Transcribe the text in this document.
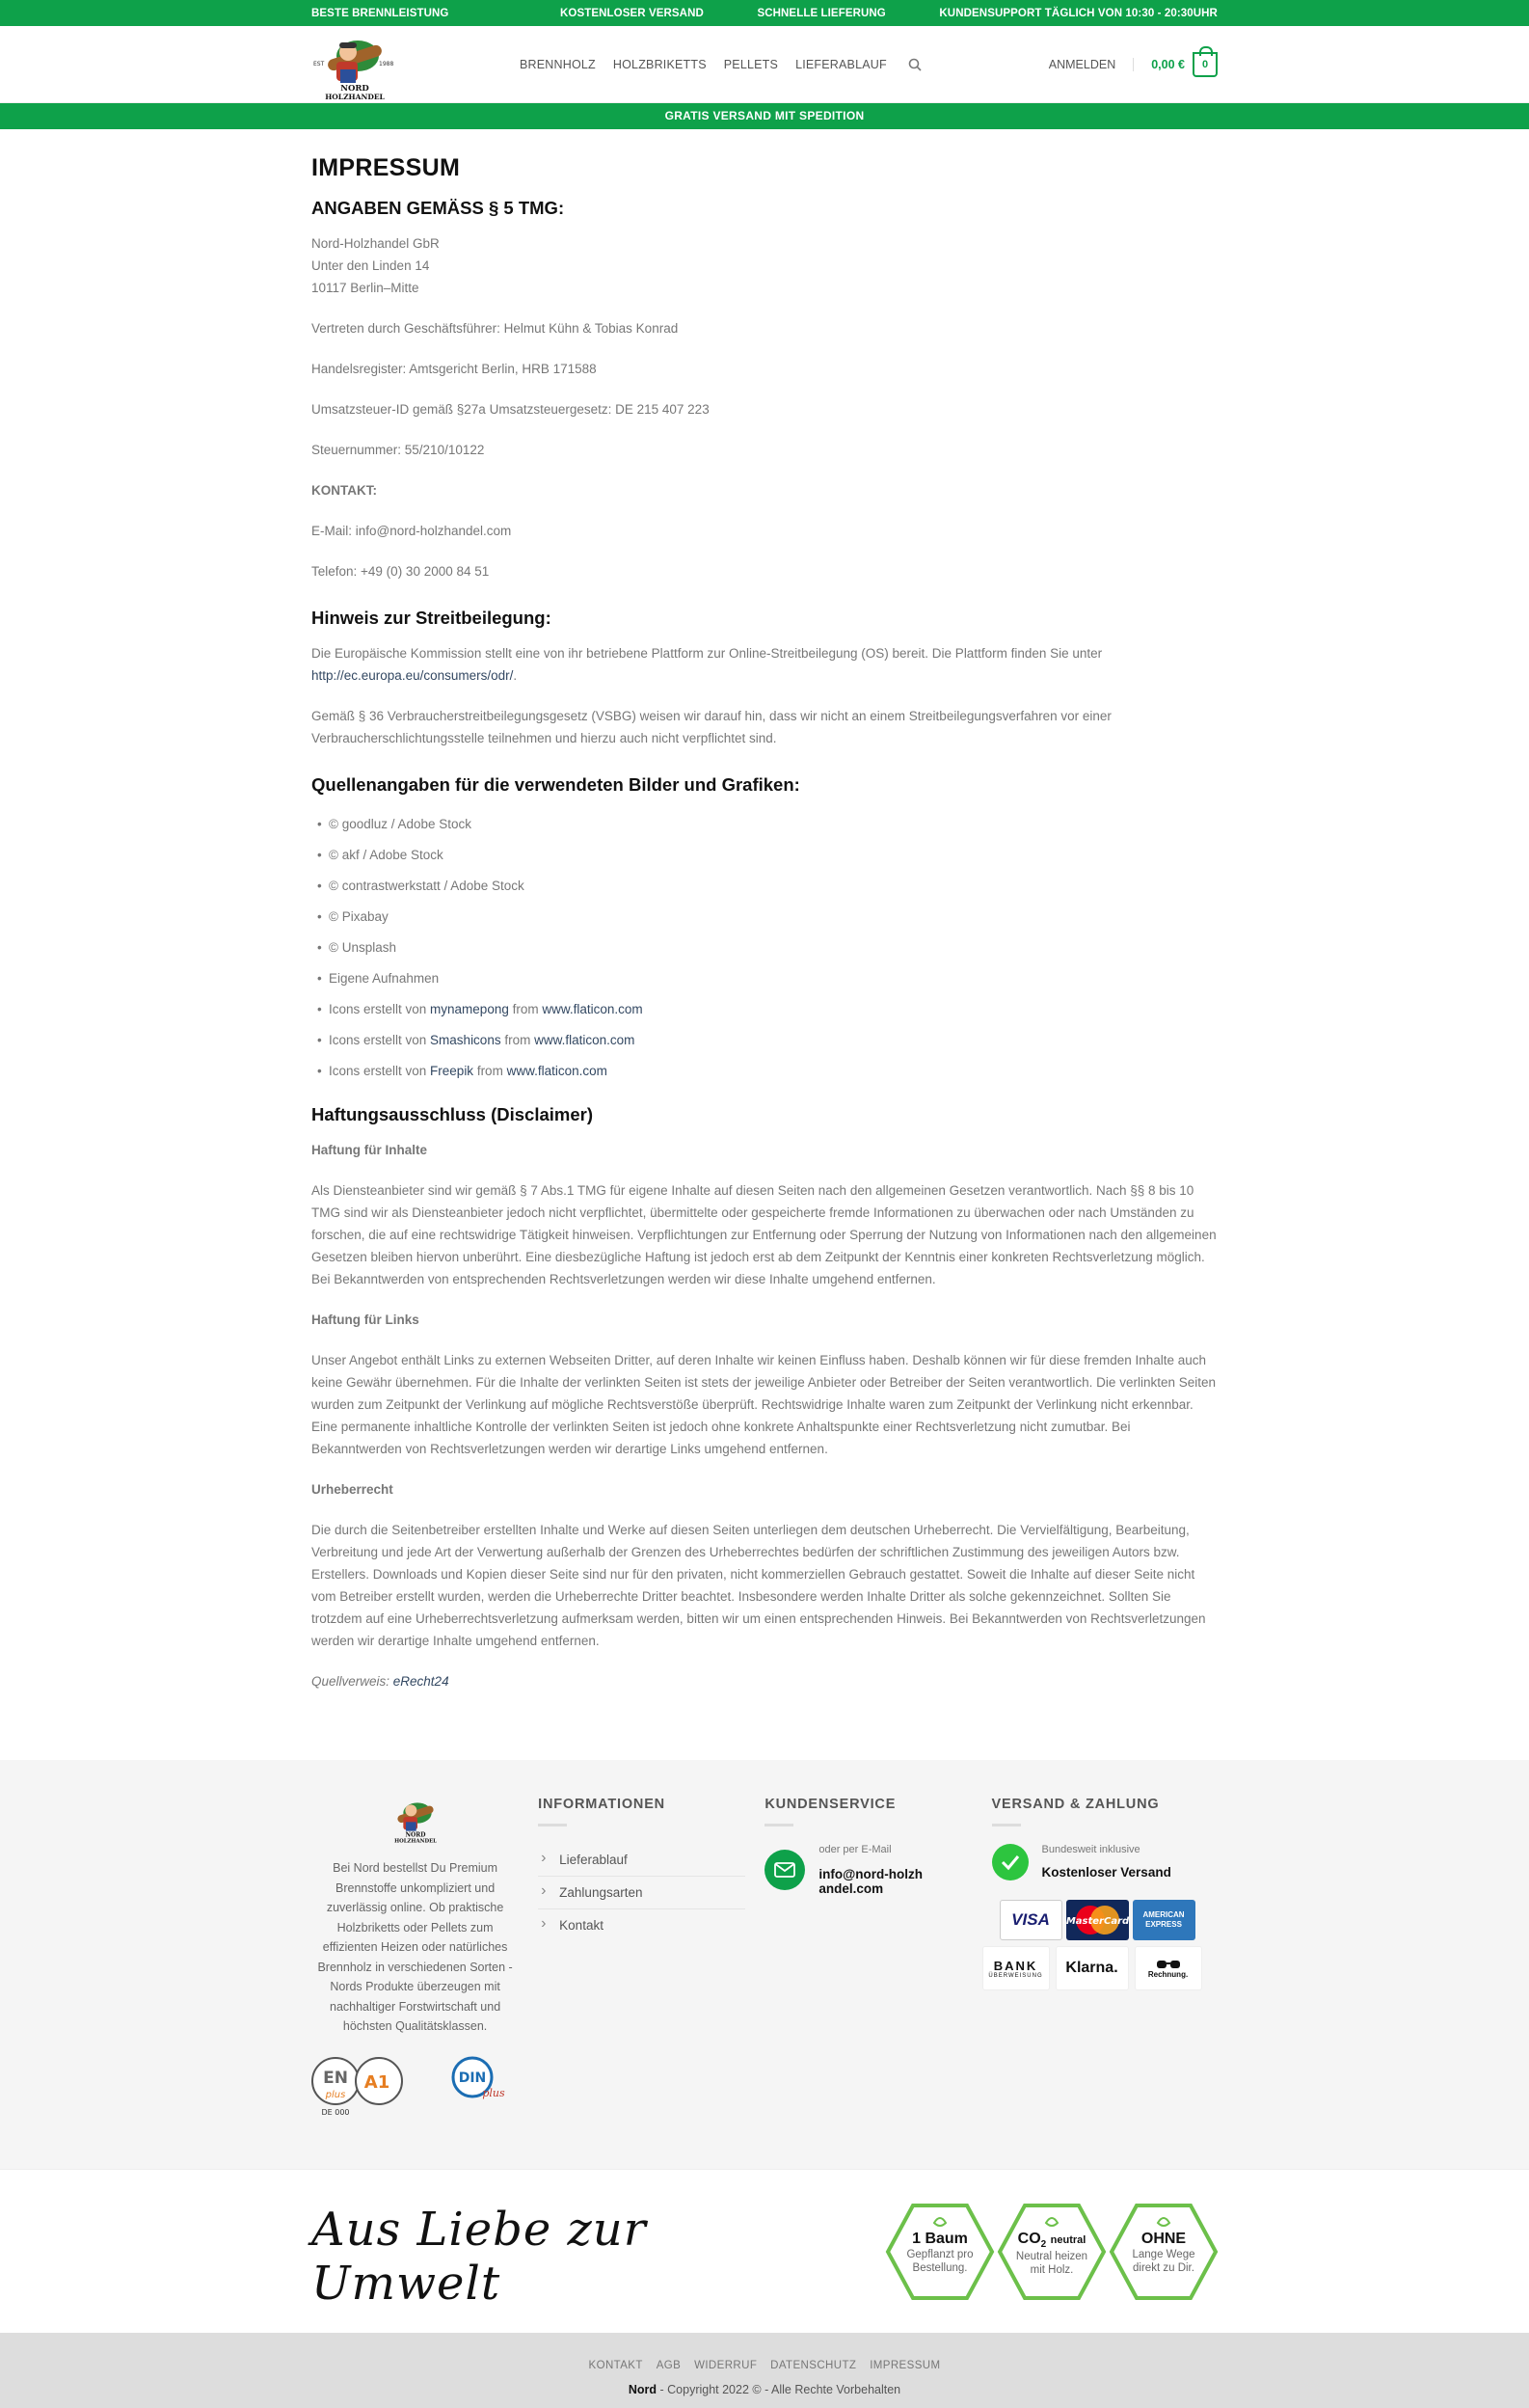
BESTE BRENNLEISTUNG	KOSTENLOSER VERSAND	SCHNELLE LIEFERUNG	KUNDENSUPPORT TÄGLICH VON 10:30 - 20:30UHR
EST	1988
NORD
HOLZHANDEL
BRENNHOLZ HOLZBRIKETTS PELLETS LIEFERABLAUF	ANMELDEN	0,00 €	0
GRATIS VERSAND MIT SPEDITION
IMPRESSUM
ANGABEN GEMÄSS § 5 TMG:

Nord-Holzhandel GbR
Unter den Linden 14
10117 Berlin–Mitte

Vertreten durch Geschäftsführer: Helmut Kühn & Tobias Konrad

Handelsregister: Amtsgericht Berlin, HRB 171588

Umsatzsteuer-ID gemäß §27a Umsatzsteuergesetz: DE 215 407 223

Steuernummer: 55/210/10122

KONTAKT:

E-Mail: info@nord-holzhandel.com

Telefon: +49 (0) 30 2000 84 51

Hinweis zur Streitbeilegung:

Die Europäische Kommission stellt eine von ihr betriebene Plattform zur Online-Streitbeilegung (OS) bereit. Die Plattform finden Sie unter http://ec.europa.eu/consumers/odr/.

Gemäß § 36 Verbraucherstreitbeilegungsgesetz (VSBG) weisen wir darauf hin, dass wir nicht an einem Streitbeilegungsverfahren vor einer Verbraucherschlichtungsstelle teilnehmen und hierzu auch nicht verpflichtet sind.

Quellenangaben für die verwendeten Bilder und Grafiken:
• © goodluz / Adobe Stock
• © akf / Adobe Stock
• © contrastwerkstatt / Adobe Stock
• © Pixabay
• © Unsplash
• Eigene Aufnahmen
• Icons erstellt von mynamepong from www.flaticon.com
• Icons erstellt von Smashicons from www.flaticon.com
• Icons erstellt von Freepik from www.flaticon.com
Haftungsausschluss (Disclaimer)

Haftung für Inhalte

Als Diensteanbieter sind wir gemäß § 7 Abs.1 TMG für eigene Inhalte auf diesen Seiten nach den allgemeinen Gesetzen verantwortlich. Nach §§ 8 bis 10 TMG sind wir als Diensteanbieter jedoch nicht verpflichtet, übermittelte oder gespeicherte fremde Informationen zu überwachen oder nach Umständen zu forschen, die auf eine rechtswidrige Tätigkeit hinweisen. Verpflichtungen zur Entfernung oder Sperrung der Nutzung von Informationen nach den allgemeinen Gesetzen bleiben hiervon unberührt. Eine diesbezügliche Haftung ist jedoch erst ab dem Zeitpunkt der Kenntnis einer konkreten Rechtsverletzung möglich. Bei Bekanntwerden von entsprechenden Rechtsverletzungen werden wir diese Inhalte umgehend entfernen.

Haftung für Links

Unser Angebot enthält Links zu externen Webseiten Dritter, auf deren Inhalte wir keinen Einfluss haben. Deshalb können wir für diese fremden Inhalte auch keine Gewähr übernehmen. Für die Inhalte der verlinkten Seiten ist stets der jeweilige Anbieter oder Betreiber der Seiten verantwortlich. Die verlinkten Seiten wurden zum Zeitpunkt der Verlinkung auf mögliche Rechtsverstöße überprüft. Rechtswidrige Inhalte waren zum Zeitpunkt der Verlinkung nicht erkennbar. Eine permanente inhaltliche Kontrolle der verlinkten Seiten ist jedoch ohne konkrete Anhaltspunkte einer Rechtsverletzung nicht zumutbar. Bei Bekanntwerden von Rechtsverletzungen werden wir derartige Links umgehend entfernen.

Urheberrecht

Die durch die Seitenbetreiber erstellten Inhalte und Werke auf diesen Seiten unterliegen dem deutschen Urheberrecht. Die Vervielfältigung, Bearbeitung, Verbreitung und jede Art der Verwertung außerhalb der Grenzen des Urheberrechtes bedürfen der schriftlichen Zustimmung des jeweiligen Autors bzw. Erstellers. Downloads und Kopien dieser Seite sind nur für den privaten, nicht kommerziellen Gebrauch gestattet. Soweit die Inhalte auf dieser Seite nicht vom Betreiber erstellt wurden, werden die Urheberrechte Dritter beachtet. Insbesondere werden Inhalte Dritter als solche gekennzeichnet. Sollten Sie trotzdem auf eine Urheberrechtsverletzung aufmerksam werden, bitten wir um einen entsprechenden Hinweis. Bei Bekanntwerden von Rechtsverletzungen werden wir derartige Inhalte umgehend entfernen.

Quellverweis: eRecht24

NORD
HOLZHANDEL
Bei Nord bestellst Du Premium Brennstoffe unkompliziert und zuverlässig online. Ob praktische Holzbriketts oder Pellets zum effizienten Heizen oder natürliches Brennholz in verschiedenen Sorten - Nords Produkte überzeugen mit nachhaltiger Forstwirtschaft und höchsten Qualitätsklassen.
EN
plus
A1
DE 000
DIN
plus
INFORMATIONEN
› Lieferablauf
› Zahlungsarten
› Kontakt
KUNDENSERVICE
oder per E-Mail
info@nord-holzhandel.com
VERSAND & ZAHLUNG
Bundesweit inklusive
Kostenloser Versand
VISA MasterCard
AMERICAN EXPRESS
BANK
ÜBERWEISUNG Klarna.	Rechnung.
Aus Liebe zur Umwelt
1 Baum
Gepflanzt pro Bestellung.
$CO_2$ neutral
Neutral heizen mit Holz.
OHNE
Lange Wege direkt zu Dir.
KONTAKT AGB WIDERRUF DATENSCHUTZ IMPRESSUM
Nord - Copyright 2022 © - Alle Rechte Vorbehalten
